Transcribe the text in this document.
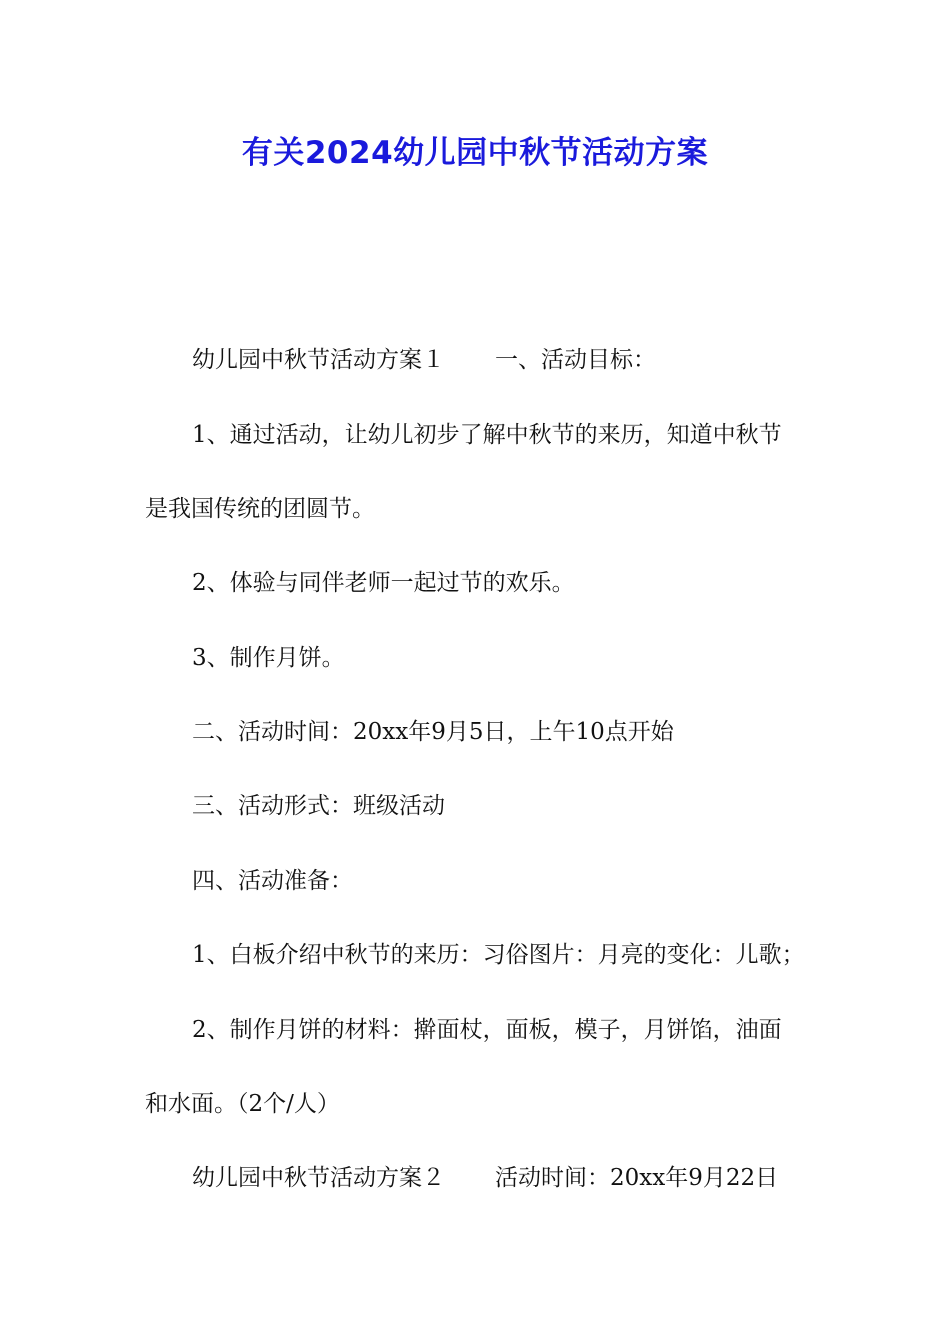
有关2024幼儿园中秋节活动方案
幼儿园中秋节活动方案１ 一、活动目标：
1、通过活动，让幼儿初步了解中秋节的来历，知道中秋节
是我国传统的团圆节。
2、体验与同伴老师一起过节的欢乐。
3、制作月饼。
二、活动时间：20xx年9月5日，上午10点开始
三、活动形式：班级活动
四、活动准备：
1、白板介绍中秋节的来历：习俗图片：月亮的变化：儿歌；
2、制作月饼的材料：擀面杖，面板，模子，月饼馅，油面
和水面。（2个/人）
幼儿园中秋节活动方案２ 活动时间：20xx年9月22日
